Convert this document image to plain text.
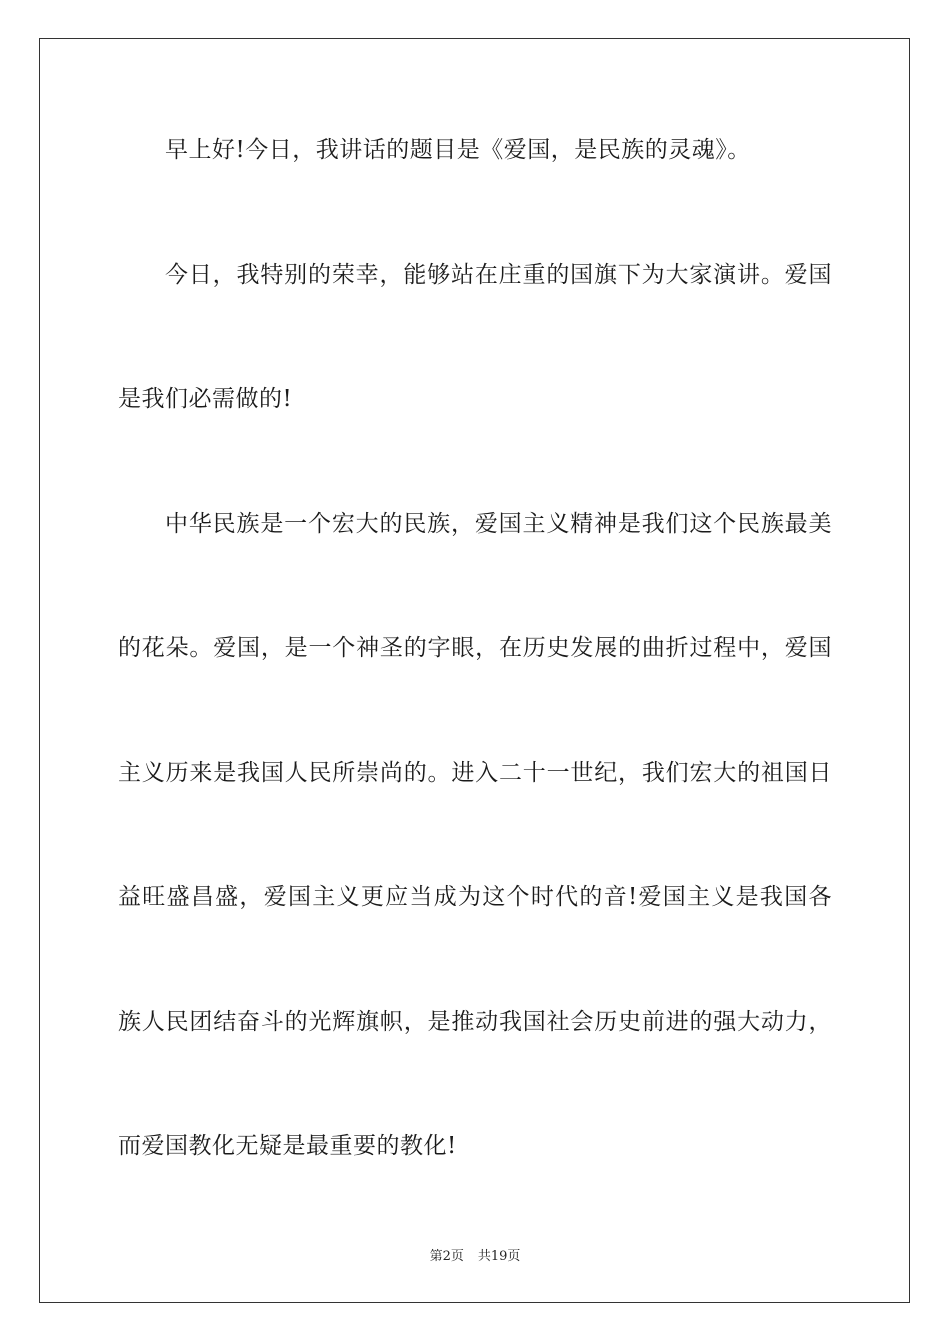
早上好!今日，我讲话的题目是《爱国，是民族的灵魂》。
今日，我特别的荣幸，能够站在庄重的国旗下为大家演讲。爱国
是我们必需做的!
中华民族是一个宏大的民族，爱国主义精神是我们这个民族最美
的花朵。爱国，是一个神圣的字眼，在历史发展的曲折过程中，爱国
主义历来是我国人民所崇尚的。进入二十一世纪，我们宏大的祖国日
益旺盛昌盛，爱国主义更应当成为这个时代的音!爱国主义是我国各
族人民团结奋斗的光辉旗帜，是推动我国社会历史前进的强大动力，
而爱国教化无疑是最重要的教化!
第2页 共19页
